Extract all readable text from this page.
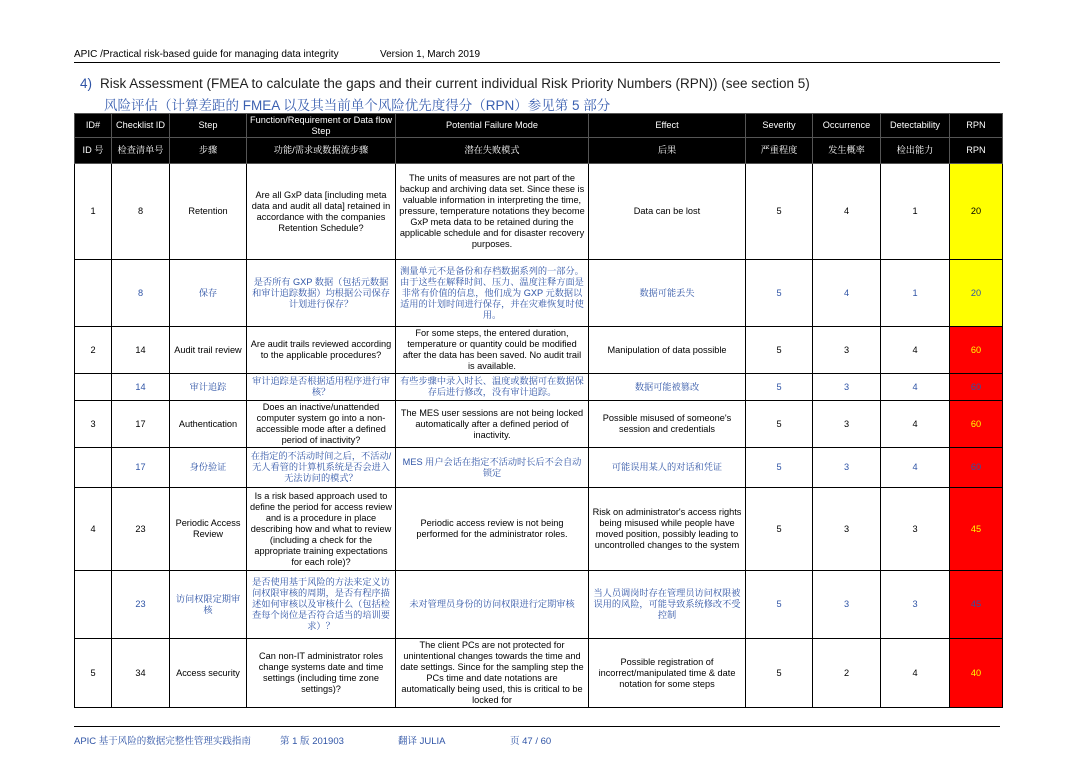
APIC /Practical risk-based guide for managing data integrity	Version 1, March 2019
4) Risk Assessment (FMEA to calculate the gaps and their current individual Risk Priority Numbers (RPN)) (see section 5)
风险评估（计算差距的 FMEA 以及其当前单个风险优先度得分（RPN）参见第 5 部分
ID#	Checklist ID	Step	Function/Requirement or Data flow Step	Potential Failure Mode	Effect	Severity	Occurrence	Detectability	RPN
ID 号	检查清单号	步骤	功能/需求或数据流步骤	潜在失败模式	后果	严重程度	发生概率	检出能力	RPN
1	8	Retention	Are all GxP data [including meta data and audit all data] retained in accordance with the companies Retention Schedule?	The units of measures are not part of the backup and archiving data set. Since these is valuable information in interpreting the time, pressure, temperature notations they become GxP meta data to be retained during the applicable schedule and for disaster recovery purposes.	Data can be lost	5	4	1	20
	8	保存	是否所有 GXP 数据（包括元数据和审计追踪数据）均根据公司保存计划进行保存？	测量单元不是备份和存档数据系列的一部分。由于这些在解释时间、压力、温度注释方面是非常有价值的信息，他们成为 GXP 元数据以适用的计划时间进行保存，并在灾难恢复时使用。	数据可能丢失	5	4	1	20
2	14	Audit trail review	Are audit trails reviewed according to the applicable procedures?	For some steps, the entered duration, temperature or quantity could be modified after the data has been saved. No audit trail is available.	Manipulation of data possible	5	3	4	60
	14	审计追踪	审计追踪是否根据适用程序进行审核？	有些步骤中录入时长、温度或数据可在数据保存后进行修改，没有审计追踪。	数据可能被篡改	5	3	4	60
3	17	Authentication	Does an inactive/unattended computer system go into a non-accessible mode after a defined period of inactivity?	The MES user sessions are not being locked automatically after a defined period of inactivity.	Possible misused of someone's session and credentials	5	3	4	60
	17	身份验证	在指定的不活动时间之后，不活动/无人看管的计算机系统是否会进入无法访问的模式？	MES 用户会话在指定不活动时长后不会自动锁定	可能误用某人的对话和凭证	5	3	4	60
4	23	Periodic Access Review	Is a risk based approach used to define the period for access review and is a procedure in place describing how and what to review (including a check for the appropriate training expectations for each role)?	Periodic access review is not being performed for the administrator roles.	Risk on administrator's access rights being misused while people have moved position, possibly leading to uncontrolled changes to the system	5	3	3	45
	23	访问权限定期审核	是否使用基于风险的方法来定义访问权限审核的周期，是否有程序描述如何审核以及审核什么（包括检查每个岗位是否符合适当的培训要求）？	未对管理员身份的访问权限进行定期审核	当人员调岗时存在管理员访问权限被误用的风险，可能导致系统修改不受控制	5	3	3	45
5	34	Access security	Can non-IT administrator roles change systems date and time settings (including time zone settings)?	The client PCs are not protected for unintentional changes towards the time and date settings. Since for the sampling step the PCs time and date notations are automatically being used, this is critical to be locked for	Possible registration of incorrect/manipulated time & date notation for some steps	5	2	4	40
APIC 基于风险的数据完整性管理实践指南	第 1 版 201903	翻译 JULIA	页 47 / 60
